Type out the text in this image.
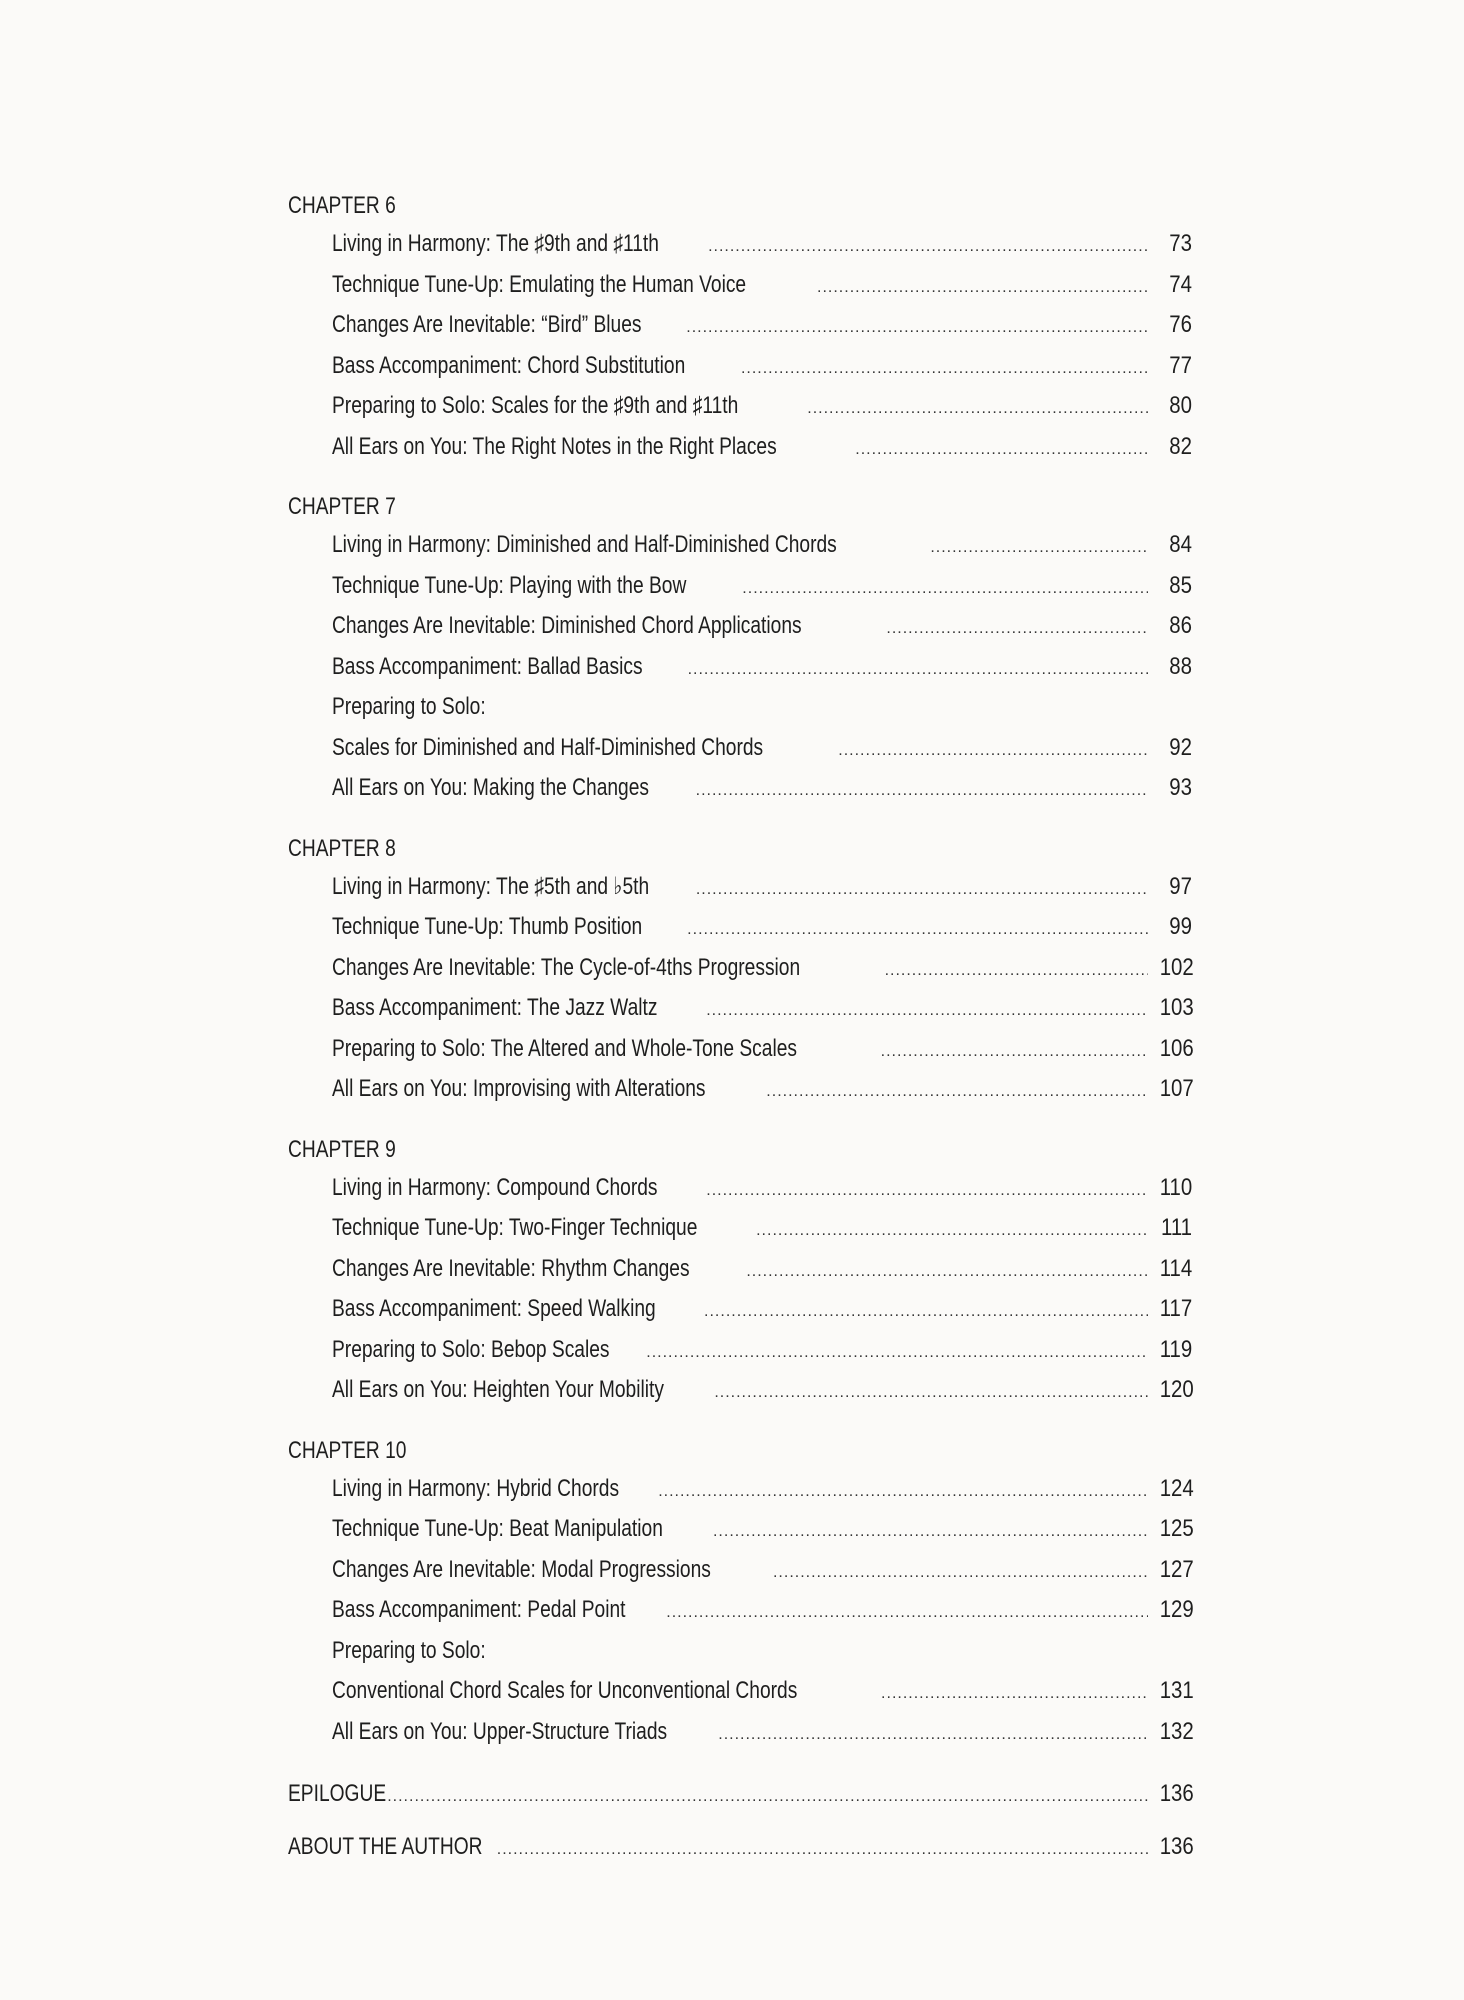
CHAPTER 6
Living in Harmony: The ♯9th and ♯11th .....	73
Technique Tune-Up: Emulating the Human Voice .....	74
Changes Are Inevitable: “Bird” Blues .....	76
Bass Accompaniment: Chord Substitution .....	77
Preparing to Solo: Scales for the ♯9th and ♯11th .....	80
All Ears on You: The Right Notes in the Right Places .....	82
CHAPTER 7
Living in Harmony: Diminished and Half-Diminished Chords .....	84
Technique Tune-Up: Playing with the Bow .....	85
Changes Are Inevitable: Diminished Chord Applications .....	86
Bass Accompaniment: Ballad Basics .....	88
Preparing to Solo:
Scales for Diminished and Half-Diminished Chords .....	92
All Ears on You: Making the Changes .....	93
CHAPTER 8
Living in Harmony: The ♯5th and ♭5th .....	97
Technique Tune-Up: Thumb Position .....	99
Changes Are Inevitable: The Cycle-of-4ths Progression .....	102
Bass Accompaniment: The Jazz Waltz .....	103
Preparing to Solo: The Altered and Whole-Tone Scales .....	106
All Ears on You: Improvising with Alterations .....	107
CHAPTER 9
Living in Harmony: Compound Chords .....	110
Technique Tune-Up: Two-Finger Technique .....	111
Changes Are Inevitable: Rhythm Changes .....	114
Bass Accompaniment: Speed Walking .....	117
Preparing to Solo: Bebop Scales .....	119
All Ears on You: Heighten Your Mobility .....	120
CHAPTER 10
Living in Harmony: Hybrid Chords .....	124
Technique Tune-Up: Beat Manipulation .....	125
Changes Are Inevitable: Modal Progressions .....	127
Bass Accompaniment: Pedal Point .....	129
Preparing to Solo:
Conventional Chord Scales for Unconventional Chords .....	131
All Ears on You: Upper-Structure Triads .....	132
EPILOGUE .....	136
ABOUT THE AUTHOR .....	136
